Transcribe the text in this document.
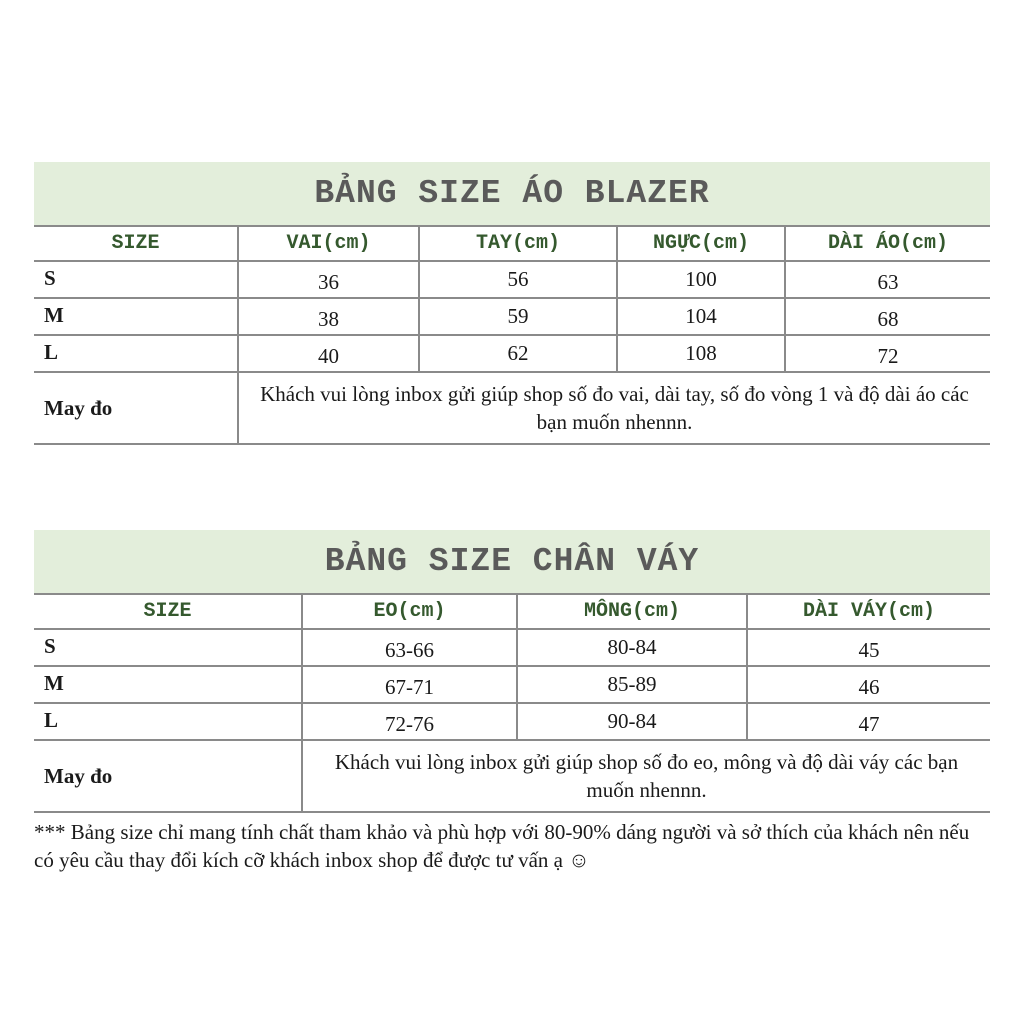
BẢNG SIZE ÁO BLAZER
SIZE	VAI(cm)	TAY(cm)	NGỰC(cm)	DÀI ÁO(cm)
S	36	56	100	63
M	38	59	104	68
L	40	62	108	72
May đo
Khách vui lòng inbox gửi giúp shop số đo vai, dài tay, số đo vòng 1 và độ dài áo các bạn muốn nhennn.
BẢNG SIZE CHÂN VÁY
SIZE	EO(cm)	MÔNG(cm)	DÀI VÁY(cm)
S	63-66	80-84	45
M	67-71	85-89	46
L	72-76	90-84	47
May đo
Khách vui lòng inbox gửi giúp shop số đo eo, mông và độ dài váy các bạn muốn nhennn.
*** Bảng size chỉ mang tính chất tham khảo và phù hợp với 80-90% dáng người và sở thích của khách nên nếu có yêu cầu thay đổi kích cỡ khách inbox shop để được tư vấn ạ ☺
